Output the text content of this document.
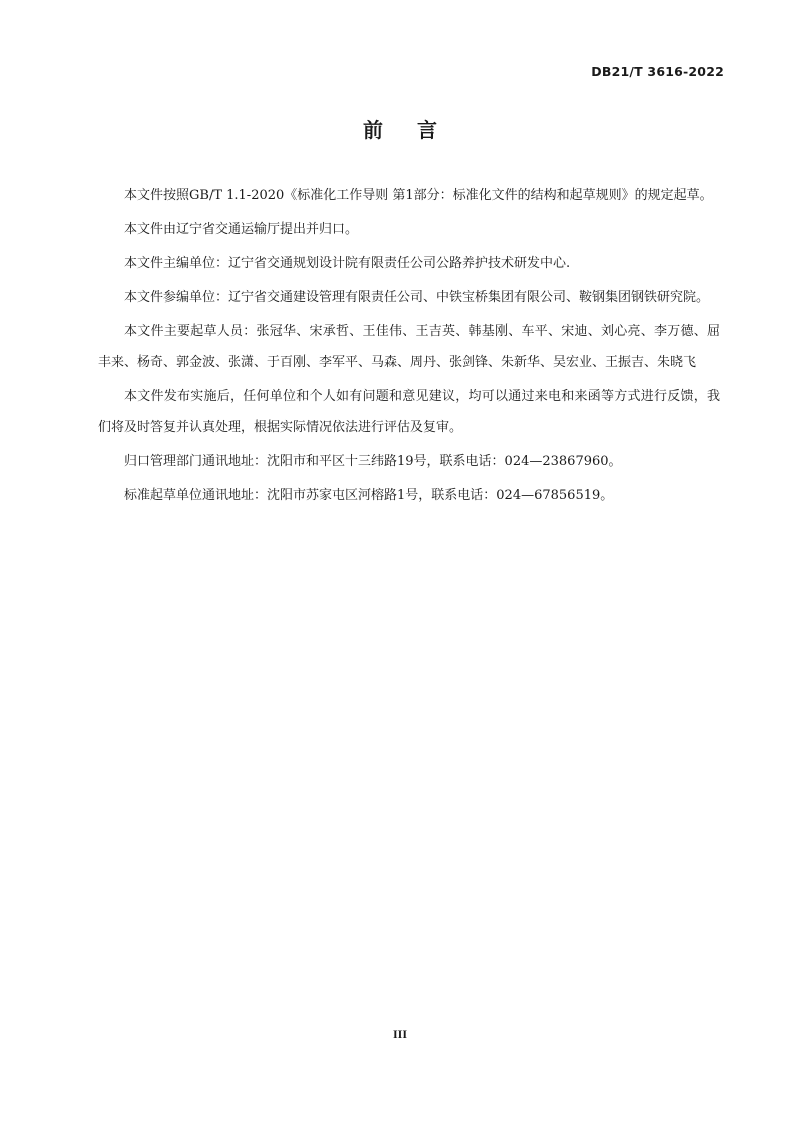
DB21/T 3616-2022
前言

本文件按照GB/T 1.1-2020《标准化工作导则 第1部分：标准化文件的结构和起草规则》的规定起草。

本文件由辽宁省交通运输厅提出并归口。

本文件主编单位：辽宁省交通规划设计院有限责任公司公路养护技术研发中心.

本文件参编单位：辽宁省交通建设管理有限责任公司、中铁宝桥集团有限公司、鞍钢集团钢铁研究院。

本文件主要起草人员：张冠华、宋承哲、王佳伟、王吉英、韩基刚、车平、宋迪、刘心亮、李万德、屈丰来、杨奇、郭金波、张潇、于百刚、李军平、马森、周丹、张剑锋、朱新华、吴宏业、王振吉、朱晓飞

本文件发布实施后，任何单位和个人如有问题和意见建议，均可以通过来电和来函等方式进行反馈，我们将及时答复并认真处理，根据实际情况依法进行评估及复审。

归口管理部门通讯地址：沈阳市和平区十三纬路19号，联系电话：024—23867960。

标准起草单位通讯地址：沈阳市苏家屯区河榕路1号，联系电话：024—67856519。

III
